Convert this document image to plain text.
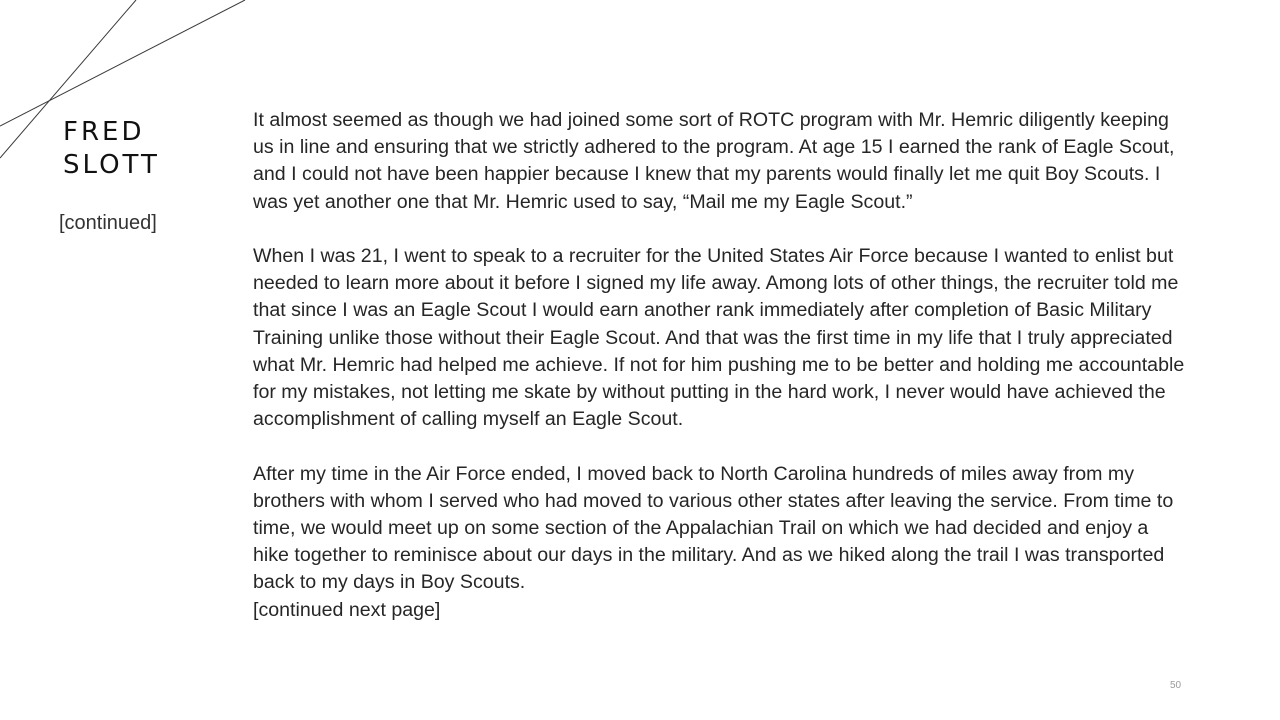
FRED
SLOTT
[continued]

It almost seemed as though we had joined some sort of ROTC program with Mr. Hemric diligently keeping us in line and ensuring that we strictly adhered to the program. At age 15 I earned the rank of Eagle Scout, and I could not have been happier because I knew that my parents would finally let me quit Boy Scouts. I was yet another one that Mr. Hemric used to say, “Mail me my Eagle Scout.”

When I was 21, I went to speak to a recruiter for the United States Air Force because I wanted to enlist but needed to learn more about it before I signed my life away. Among lots of other things, the recruiter told me that since I was an Eagle Scout I would earn another rank immediately after completion of Basic Military Training unlike those without their Eagle Scout. And that was the first time in my life that I truly appreciated what Mr. Hemric had helped me achieve. If not for him pushing me to be better and holding me accountable for my mistakes, not letting me skate by without putting in the hard work, I never would have achieved the accomplishment of calling myself an Eagle Scout.

After my time in the Air Force ended, I moved back to North Carolina hundreds of miles away from my brothers with whom I served who had moved to various other states after leaving the service. From time to time, we would meet up on some section of the Appalachian Trail on which we had decided and enjoy a hike together to reminisce about our days in the military. And as we hiked along the trail I was transported back to my days in Boy Scouts.

[continued next page]
50
